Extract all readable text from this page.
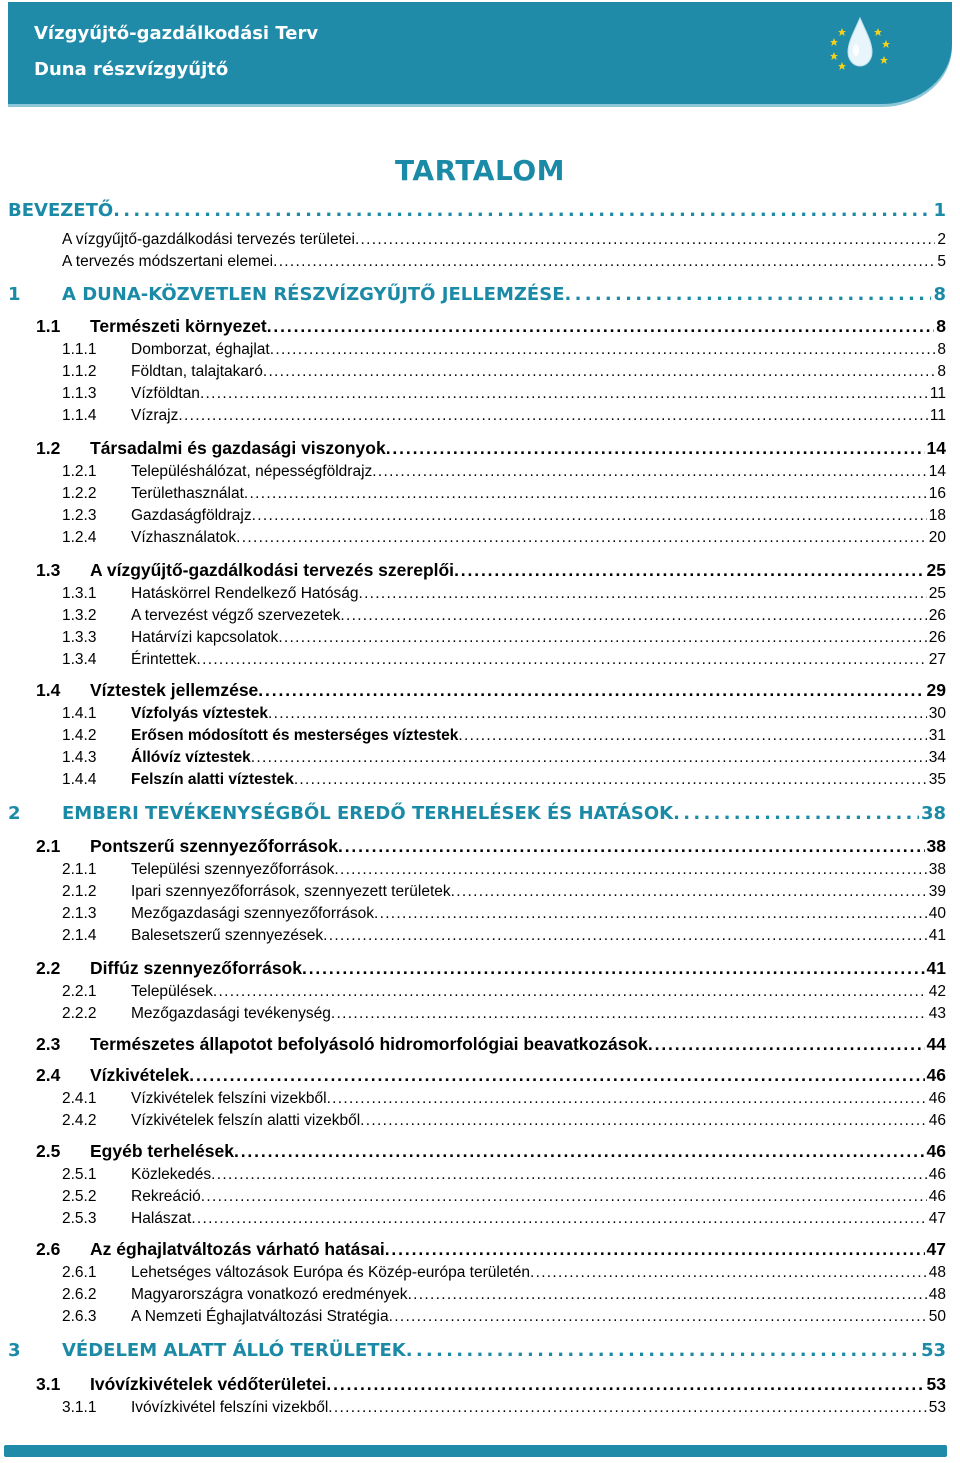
Vízgyűjtő-gazdálkodási Terv
Duna részvízgyűjtő
TARTALOM
BEVEZETŐ . . .	1
A vízgyűjtő-gazdálkodási tervezés területei . . .	2
A tervezés módszertani elemei . . .	5
1 A DUNA-KÖZVETLEN RÉSZVÍZGYŰJTŐ JELLEMZÉSE . . .	8
1.1 Természeti környezet . . .	8
1.1.1 Domborzat, éghajlat . . .	8
1.1.2 Földtan, talajtakaró . . .	8
1.1.3 Vízföldtan . . .	11
1.1.4 Vízrajz . . .	11
1.2 Társadalmi és gazdasági viszonyok . . .	14
1.2.1 Településhálózat, népességföldrajz . . .	14
1.2.2 Területhasználat . . .	16
1.2.3 Gazdaságföldrajz . . .	18
1.2.4 Vízhasználatok . . .	20
1.3 A vízgyűjtő-gazdálkodási tervezés szereplői . . .	25
1.3.1 Hatáskörrel Rendelkező Hatóság . . .	25
1.3.2 A tervezést végző szervezetek . . .	26
1.3.3 Határvízi kapcsolatok . . .	26
1.3.4 Érintettek . . .	27
1.4 Víztestek jellemzése . . .	29
1.4.1 Vízfolyás víztestek . . .	30
1.4.2 Erősen módosított és mesterséges víztestek . . .	31
1.4.3 Állóvíz víztestek . . .	34
1.4.4 Felszín alatti víztestek . . .	35
2 EMBERI TEVÉKENYSÉGBŐL EREDŐ TERHELÉSEK ÉS HATÁSOK . . .	38
2.1 Pontszerű szennyezőforrások . . .	38
2.1.1 Települési szennyezőforrások . . .	38
2.1.2 Ipari szennyezőforrások, szennyezett területek . . .	39
2.1.3 Mezőgazdasági szennyezőforrások . . .	40
2.1.4 Balesetszerű szennyezések . . .	41
2.2 Diffúz szennyezőforrások . . .	41
2.2.1 Települések . . .	42
2.2.2 Mezőgazdasági tevékenység . . .	43
2.3 Természetes állapotot befolyásoló hidromorfológiai beavatkozások . . .	44
2.4 Vízkivételek . . .	46
2.4.1 Vízkivételek felszíni vizekből . . .	46
2.4.2 Vízkivételek felszín alatti vizekből . . .	46
2.5 Egyéb terhelések . . .	46
2.5.1 Közlekedés . . .	46
2.5.2 Rekreáció . . .	46
2.5.3 Halászat . . .	47
2.6 Az éghajlatváltozás várható hatásai . . .	47
2.6.1 Lehetséges változások Európa és Közép-európa területén . . .	48
2.6.2 Magyarországra vonatkozó eredmények . . .	48
2.6.3 A Nemzeti Éghajlatváltozási Stratégia . . .	50
3 VÉDELEM ALATT ÁLLÓ TERÜLETEK . . .	53
3.1 Ivóvízkivételek védőterületei . . .	53
3.1.1 Ivóvízkivétel felszíni vizekből . . .	53
